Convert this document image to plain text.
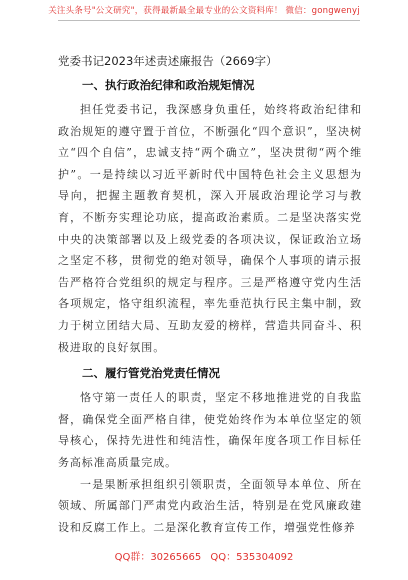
关注头条号"公文研究"，获得最新最全最专业的公文资料库！ 微信：gongwenyj
党委书记2023年述责述廉报告（2669字）
一、执行政治纪律和政治规矩情况

担任党委书记，我深感身负重任，始终将政治纪律和政治规矩的遵守置于首位，不断强化“四个意识”，坚决树立“四个自信”，忠诚支持“两个确立”，坚决贯彻“两个维护”。一是持续以习近平新时代中国特色社会主义思想为导向，把握主题教育契机，深入开展政治理论学习与教育，不断夯实理论功底，提高政治素质。二是坚决落实党中央的决策部署以及上级党委的各项决议，保证政治立场之坚定不移，贯彻党的绝对领导，确保个人事项的请示报告严格符合党组织的规定与程序。三是严格遵守党内生活各项规定，恪守组织流程，率先垂范执行民主集中制，致力于树立团结大局、互助友爱的榜样，营造共同奋斗、积极进取的良好氛围。

二、履行管党治党责任情况

恪守第一责任人的职责，坚定不移地推进党的自我监督，确保党全面严格自律，使党始终作为本单位坚定的领导核心，保持先进性和纯洁性，确保年度各项工作目标任务高标准高质量完成。

一是果断承担组织引领职责，全面领导本单位、所在领域、所属部门严肃党内政治生活，特别是在党风廉政建设和反腐工作上。二是深化教育宣传工作，增强党性修养

QQ群：30265665 QQ：535304092
